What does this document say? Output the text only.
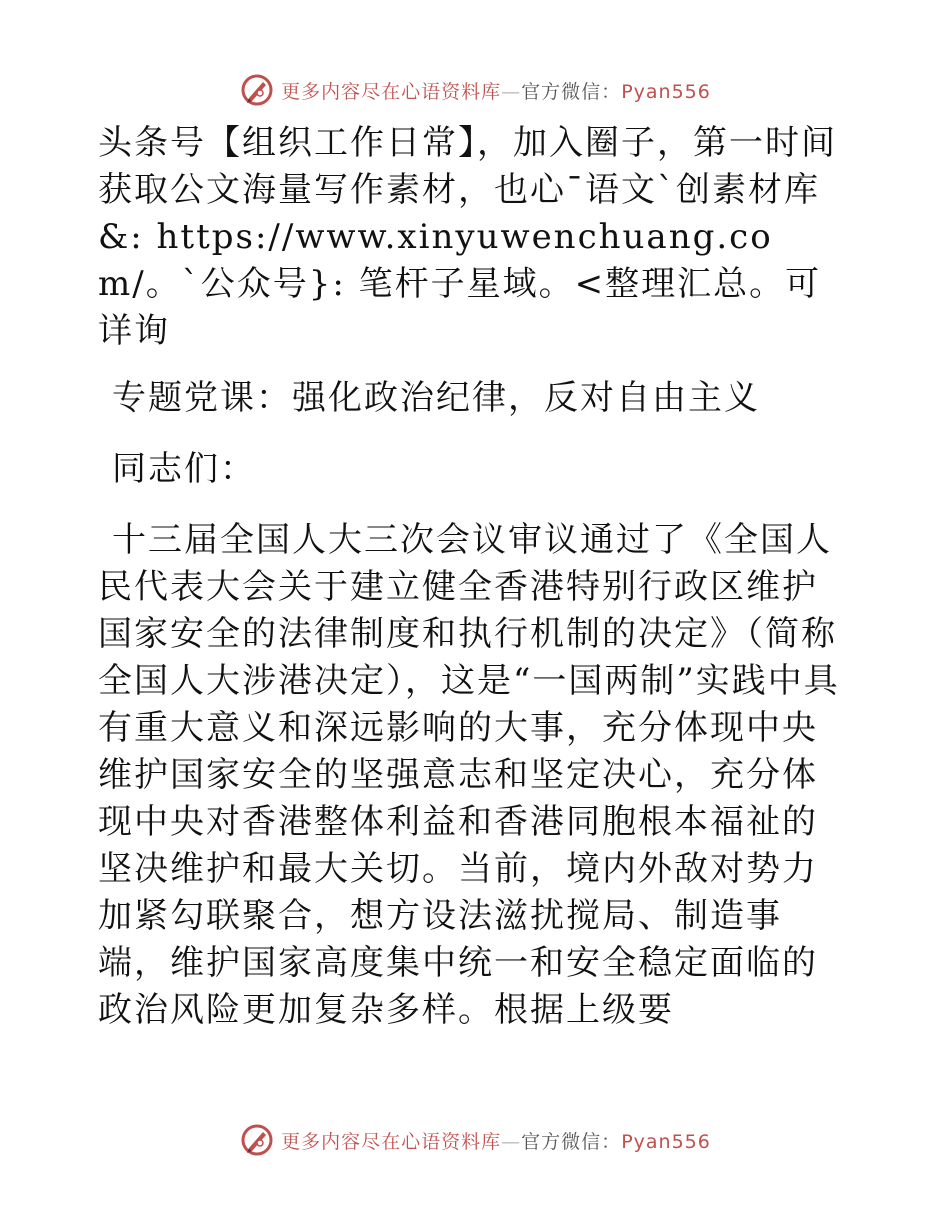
更多内容尽在心语资料库—官方微信：Pyan556

头条号【组织工作日常】，加入圈子，第一时间获取公文海量写作素材，也心¯语文`创素材库&: https://www.xinyuwenchuang.com/。`公众号}: 笔杆子星域。<整理汇总。可详询

专题党课：强化政治纪律，反对自由主义

同志们：

十三届全国人大三次会议审议通过了《全国人民代表大会关于建立健全香港特别行政区维护国家安全的法律制度和执行机制的决定》（简称全国人大涉港决定），这是“一国两制”实践中具有重大意义和深远影响的大事，充分体现中央维护国家安全的坚强意志和坚定决心，充分体现中央对香港整体利益和香港同胞根本福祉的坚决维护和最大关切。当前，境内外敌对势力加紧勾联聚合，想方设法滋扰搅局、制造事端，维护国家高度集中统一和安全稳定面临的政治风险更加复杂多样。根据上级要

更多内容尽在心语资料库—官方微信：Pyan556
